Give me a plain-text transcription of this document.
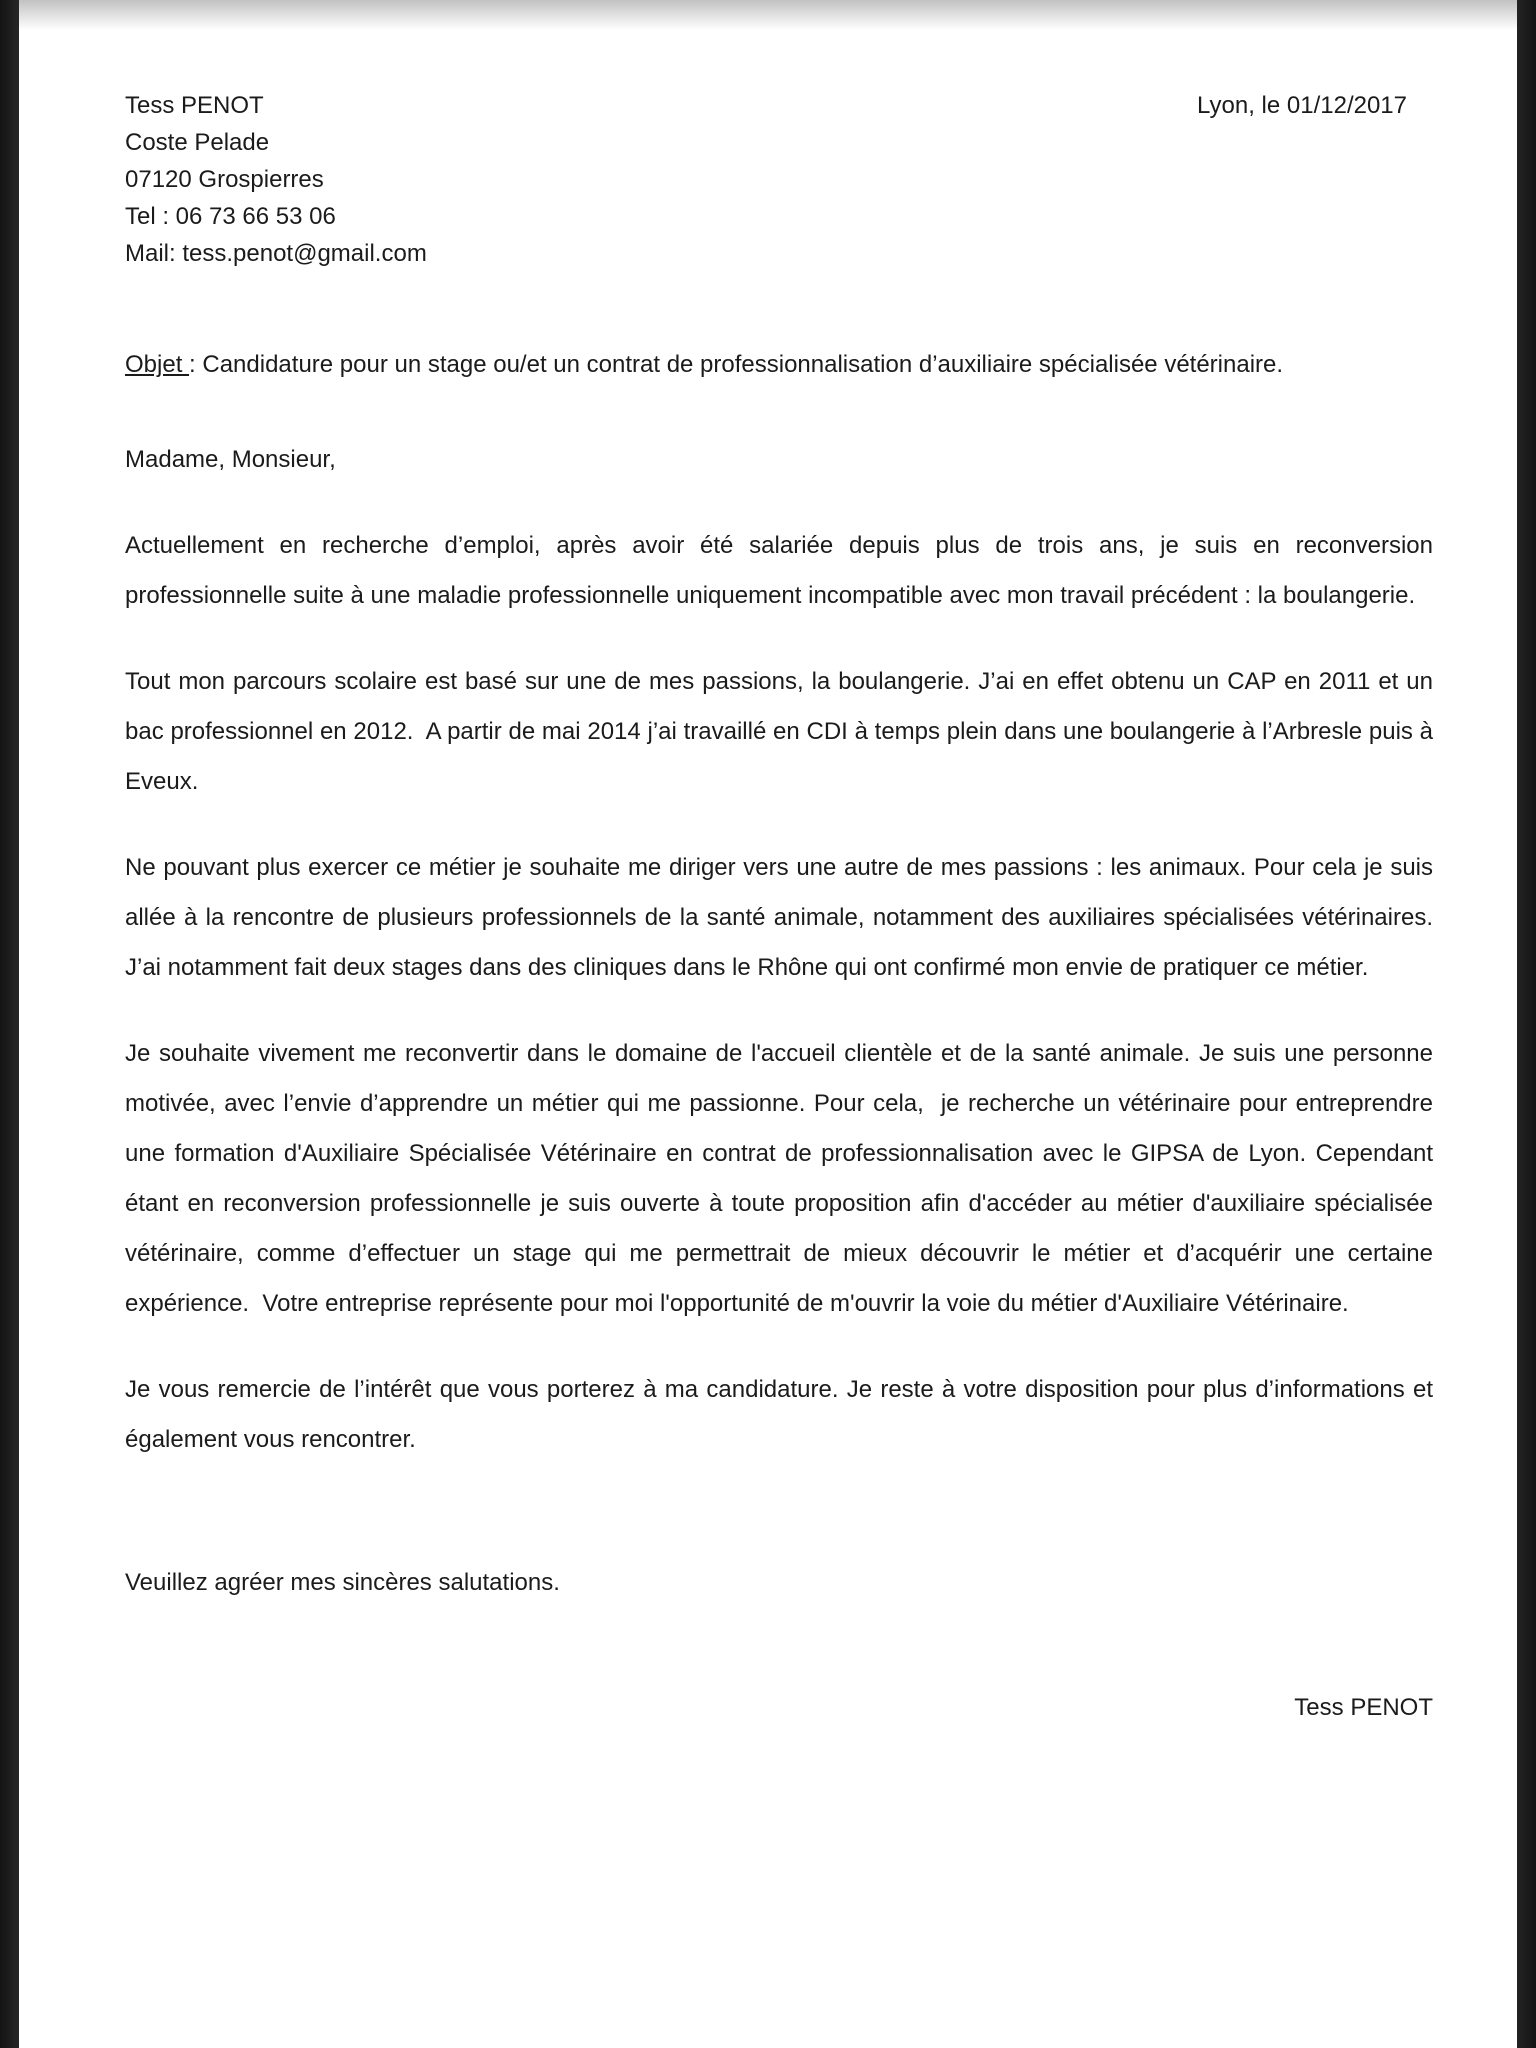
Tess PENOT
Coste Pelade
07120 Grospierres
Tel : 06 73 66 53 06
Mail: tess.penot@gmail.com
Lyon, le 01/12/2017

Objet : Candidature pour un stage ou/et un contrat de professionnalisation d’auxiliaire spécialisée vétérinaire.

Madame, Monsieur,

Actuellement en recherche d’emploi, après avoir été salariée depuis plus de trois ans, je suis en reconversion professionnelle suite à une maladie professionnelle uniquement incompatible avec mon travail précédent : la boulangerie.

Tout mon parcours scolaire est basé sur une de mes passions, la boulangerie. J’ai en effet obtenu un CAP en 2011 et un bac professionnel en 2012.  A partir de mai 2014 j’ai travaillé en CDI à temps plein dans une boulangerie à l’Arbresle puis à Eveux.

Ne pouvant plus exercer ce métier je souhaite me diriger vers une autre de mes passions : les animaux. Pour cela je suis allée à la rencontre de plusieurs professionnels de la santé animale, notamment des auxiliaires spécialisées vétérinaires. J’ai notamment fait deux stages dans des cliniques dans le Rhône qui ont confirmé mon envie de pratiquer ce métier.

Je souhaite vivement me reconvertir dans le domaine de l'accueil clientèle et de la santé animale. Je suis une personne motivée, avec l’envie d’apprendre un métier qui me passionne. Pour cela,  je recherche un vétérinaire pour entreprendre une formation d'Auxiliaire Spécialisée Vétérinaire en contrat de professionnalisation avec le GIPSA de Lyon. Cependant étant en reconversion professionnelle je suis ouverte à toute proposition afin d'accéder au métier d'auxiliaire spécialisée vétérinaire, comme d’effectuer un stage qui me permettrait de mieux découvrir le métier et d’acquérir une certaine expérience.  Votre entreprise représente pour moi l'opportunité de m'ouvrir la voie du métier d'Auxiliaire Vétérinaire.

Je vous remercie de l’intérêt que vous porterez à ma candidature. Je reste à votre disposition pour plus d’informations et également vous rencontrer.

Veuillez agréer mes sincères salutations.

Tess PENOT
